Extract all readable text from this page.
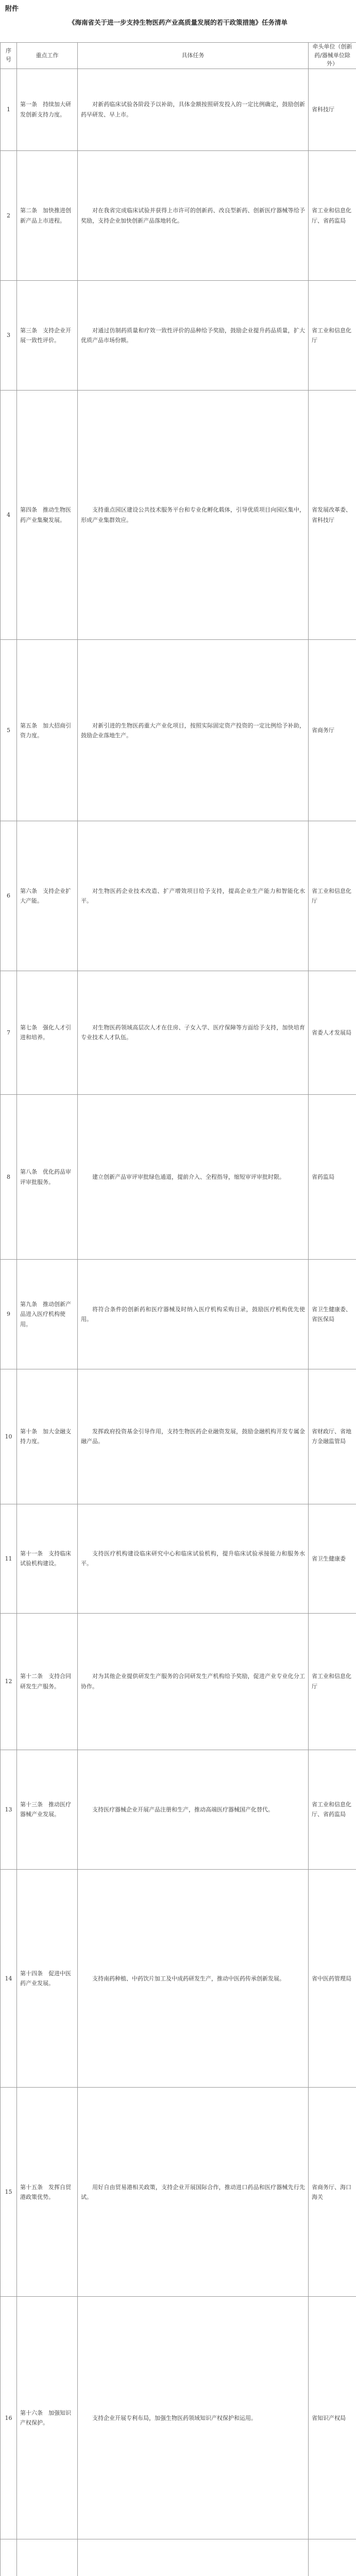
附件
《海南省关于进一步支持生物医药产业高质量发展的若干政策措施》任务清单
序号	重点工作	具体任务	牵头单位（创新药/器械单位除外）
1	第一条　持续加大研发创新支持力度。	对新药临床试验各阶段予以补助，具体金额按照研发投入的一定比例确定，鼓励创新药早研发、早上市。	省科技厅
2	第二条　加快推进创新产品上市进程。	对在我省完成临床试验并获得上市许可的创新药、改良型新药、创新医疗器械等给予奖励，支持企业加快创新产品落地转化。	省工业和信息化厅、省药监局
3	第三条　支持企业开展一致性评价。	对通过仿制药质量和疗效一致性评价的品种给予奖励，鼓励企业提升药品质量，扩大优质产品市场份额。	省工业和信息化厅
4	第四条　推动生物医药产业集聚发展。	支持重点园区建设公共技术服务平台和专业化孵化载体，引导优质项目向园区集中，形成产业集群效应。	省发展改革委、省科技厅
5	第五条　加大招商引资力度。	对新引进的生物医药重大产业化项目，按照实际固定资产投资的一定比例给予补助，鼓励企业落地生产。	省商务厅
6	第六条　支持企业扩大产能。	对生物医药企业技术改造、扩产增效项目给予支持，提高企业生产能力和智能化水平。	省工业和信息化厅
7	第七条　强化人才引进和培养。	对生物医药领域高层次人才在住房、子女入学、医疗保障等方面给予支持，加快培育专业技术人才队伍。	省委人才发展局
8	第八条　优化药品审评审批服务。	建立创新产品审评审批绿色通道，提前介入、全程指导，缩短审评审批时限。	省药监局
9	第九条　推动创新产品进入医疗机构使用。	将符合条件的创新药和医疗器械及时纳入医疗机构采购目录，鼓励医疗机构优先使用。	省卫生健康委、省医保局
10	第十条　加大金融支持力度。	发挥政府投资基金引导作用，支持生物医药企业融资发展，鼓励金融机构开发专属金融产品。	省财政厅、省地方金融监管局
11	第十一条　支持临床试验机构建设。	支持医疗机构建设临床研究中心和临床试验机构，提升临床试验承接能力和服务水平。	省卫生健康委
12	第十二条　支持合同研发生产服务。	对为其他企业提供研发生产服务的合同研发生产机构给予奖励，促进产业专业化分工协作。	省工业和信息化厅
13	第十三条　推动医疗器械产业发展。	支持医疗器械企业开展产品注册和生产，推动高端医疗器械国产化替代。	省工业和信息化厅、省药监局
14	第十四条　促进中医药产业发展。	支持南药种植、中药饮片加工及中成药研发生产，推动中医药传承创新发展。	省中医药管理局
15	第十五条　发挥自贸港政策优势。	用好自由贸易港相关政策，支持企业开展国际合作，推动进口药品和医疗器械先行先试。	省商务厅、海口海关
16	第十六条　加强知识产权保护。	支持企业开展专利布局，加强生物医药领域知识产权保护和运用。	省知识产权局
